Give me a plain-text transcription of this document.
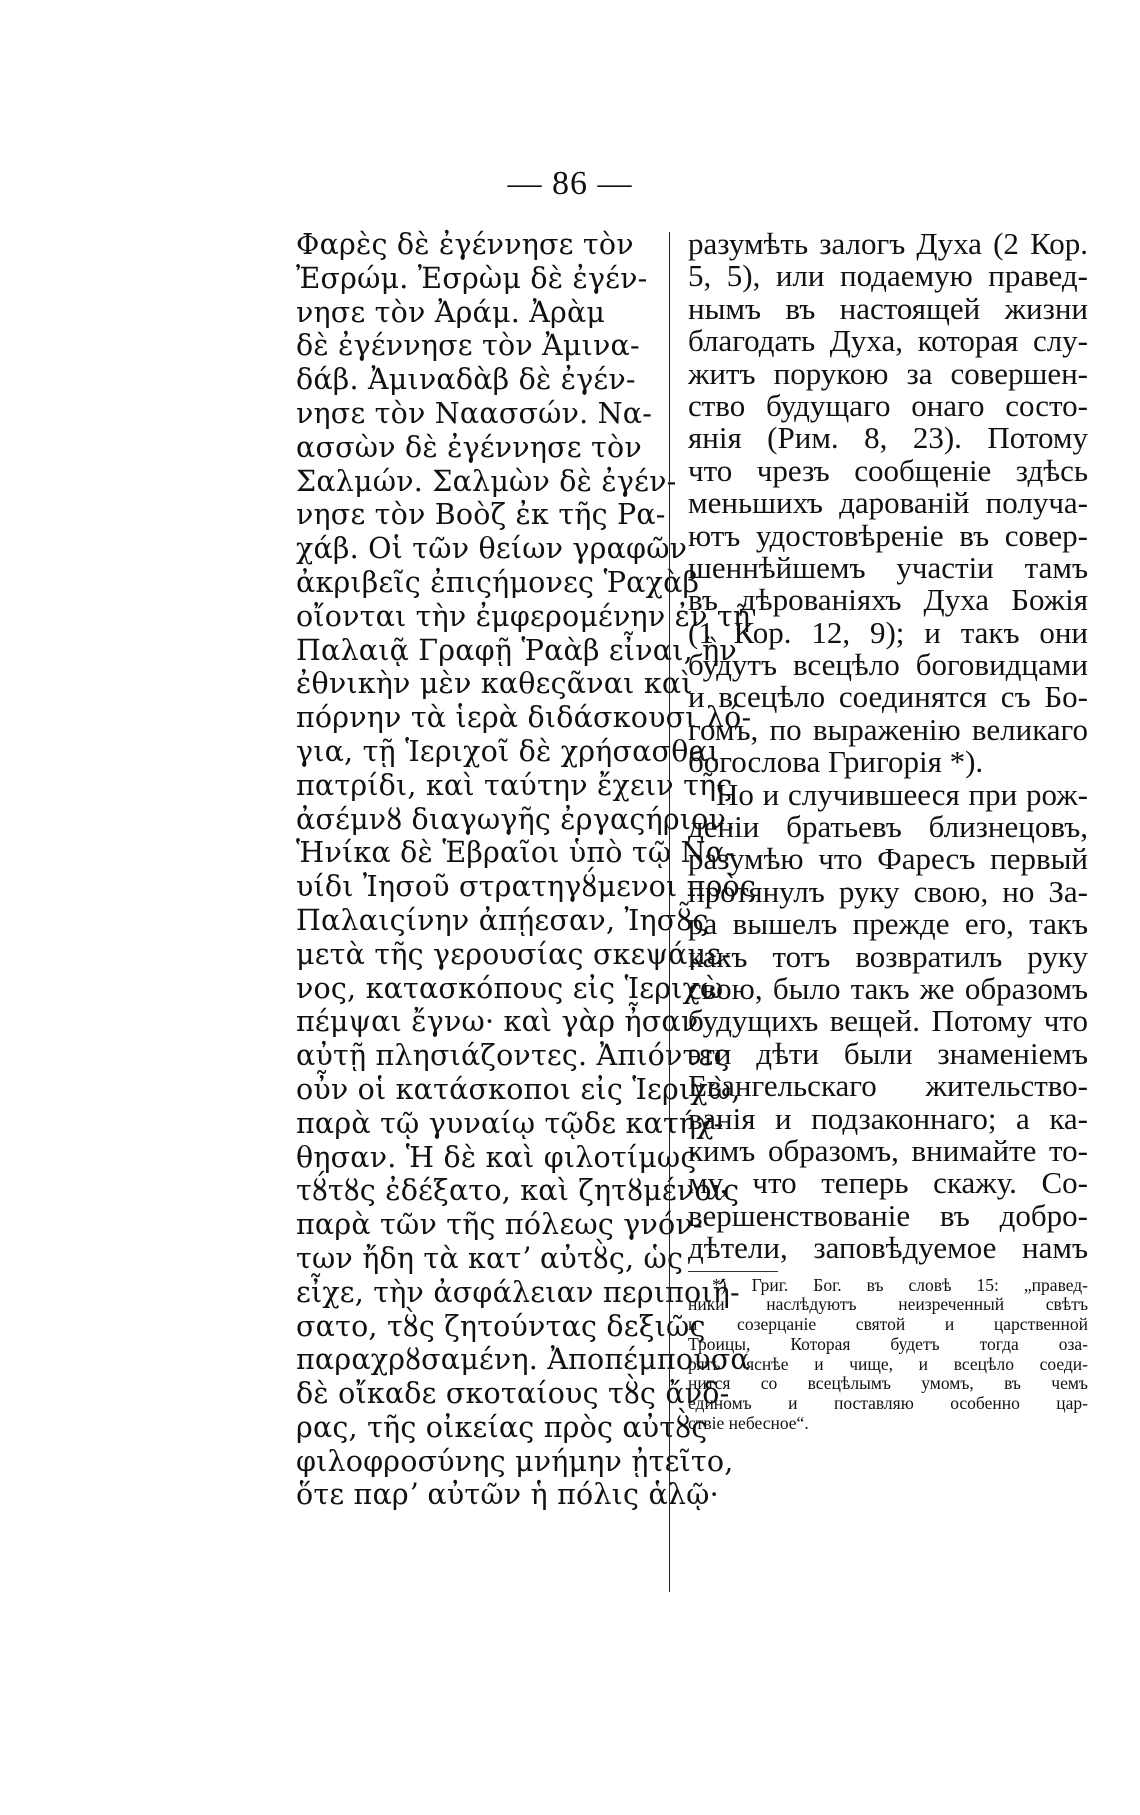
— 86 —
Φαρὲς δὲ ἐγέννησε τὸν
Ἐσρώμ. Ἐσρὼμ δὲ ἐγέν-
νησε τὸν Ἀράμ. Ἀρὰμ
δὲ ἐγέννησε τὸν Ἀμινα-
δάβ. Ἀμιναδὰβ δὲ ἐγέν-
νησε τὸν Ναασσών. Να-
ασσὼν δὲ ἐγέννησε τὸν
Σαλμών. Σαλμὼν δὲ ἐγέν-
νησε τὸν Βοὸζ ἐκ τῆς Ρα-
χάβ. Οἱ τῶν θείων γραφῶν
ἀκριβεῖς ἐπιςήμονες Ῥαχὰβ
οἴονται τὴν ἐμφερομένην ἐν τῇ
Παλαιᾷ Γραφῇ Ῥαὰβ εἶναι, ἣν
ἐθνικὴν μὲν καθεςᾶναι καὶ
πόρνην τὰ ἱερὰ διδάσκουσι λό-
για, τῇ Ἱεριχοῖ δὲ χρήσασθαι
πατρίδι, καὶ ταύτην ἔχειν τῆς
ἀσέμνȣ διαγωγῆς ἐργαςήριον.
Ἡνίκα δὲ Ἑβραῖοι ὑπὸ τῷ Να-
υίδι Ἰησοῦ στρατηγȣ́μενοι πρὸς
Παλαιςίνην ἀπῄεσαν, Ἰησȣ̃ς
μετὰ τῆς γερουσίας σκεψάμε-
νος, κατασκόπους εἰς Ἱεριχὼ
πέμψαι ἔγνω· καὶ γὰρ ἦσαν
αὐτῇ πλησιάζοντες. Ἀπιόντες
οὖν οἱ κατάσκοποι εἰς Ἱεριχὼ,
παρὰ τῷ γυναίῳ τῷδε κατήχ-
θησαν. Ἡ δὲ καὶ φιλοτίμως
τȣ́τȣς ἐδέξατο, καὶ ζητȣμένοις
παρὰ τῶν τῆς πόλεως γνόν-
των ἤδη τὰ κατʼ αὐτȣ̀ς, ὡς
εἶχε, τὴν ἀσφάλειαν περιποιή-
σατο, τȣ̀ς ζητούντας δεξιῶς
παραχρȣσαμένη. Ἀποπέμπουσα
δὲ οἴκαδε σκοταίους τȣ̀ς ἄνδ-
ρας, τῆς οἰκείας πρὸς αὐτȣ̀ς
φιλοφροσύνης μνήμην ᾐτεῖτο,
ὅτε παρʼ αὐτῶν ἡ πόλις ἁλῷ·
разумѣть залогъ Духа (2 Кор.
5, 5), или подаемую правед-
нымъ въ настоящей жизни
благодать Духа, которая слу-
житъ порукою за совершен-
ство будущаго онаго состо-
янія (Рим. 8, 23). Потому
что чрезъ сообщеніе здѣсь
меньшихъ дарованій получа-
ютъ удостовѣреніе въ совер-
шеннѣйшемъ участіи тамъ
въ дѣрованіяхъ Духа Божія
(1 Кор. 12, 9); и такъ они
будутъ всецѣло боговидцами
и всецѣло соединятся съ Бо-
гомъ, по выраженію великаго
богослова Григорія *).
Но и случившееся при рож-
деніи братьевъ близнецовъ,
разумѣю что Фаресъ первый
протянулъ руку свою, но За-
ра вышелъ прежде его, такъ
какъ тотъ возвратилъ руку
свою, было такъ же образомъ
будущихъ вещей. Потому что
эти дѣти были знаменіемъ
Евангельскаго жительство-
ванія и подзаконнаго; а ка-
кимъ образомъ, внимайте то-
му, что теперь скажу. Со-
вершенствованіе въ добро-
дѣтели, заповѣдуемое намъ
*) Григ. Бог. въ словѣ 15: „правед-
ники наслѣдуютъ неизреченный свѣтъ
и созерцаніе святой и царственной
Троицы, Которая будетъ тогда оза-
рять яснѣе и чище, и всецѣло соеди-
нится со всецѣлымъ умомъ, въ чемъ
единомъ и поставляю особенно цар-
ствіе небесное“.
